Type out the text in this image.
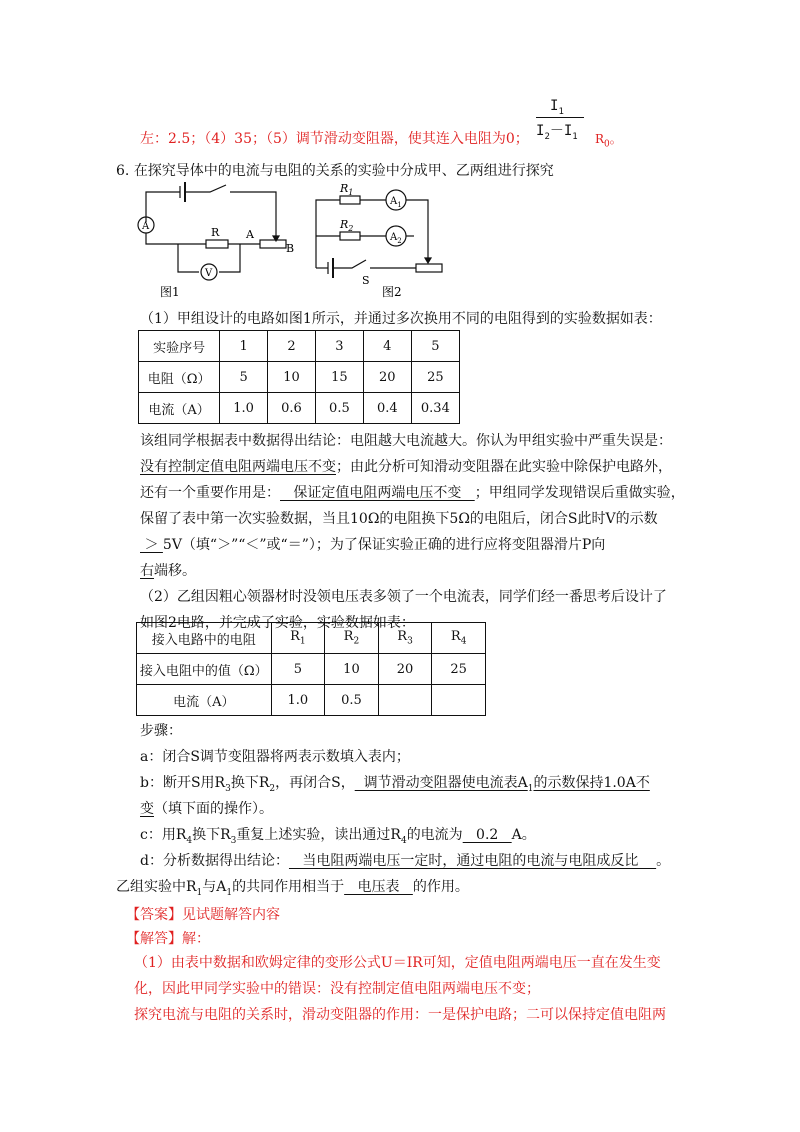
左：2.5；（4）35；（5）调节滑动变阻器，使其连入电阻为0；
$I_1$
$I_2-I_1$ $R_0$。
6. 在探究导体中的电流与电阻的关系的实验中分成甲、乙两组进行探究
A
V
R A
B
图1
$R_1$
$R_2$
$A_1$
$A_2$
S
图2
（1）甲组设计的电路如图1所示，并通过多次换用不同的电阻得到的实验数据如表：
实验序号	1	2	3	4	5
电阻（Ω）	5	10	15	20	25
电流（A）	1.0	0.6	0.5	0.4	0.34
该组同学根据表中数据得出结论：电阻越大电流越大。你认为甲组实验中严重失误是：
没有控制定值电阻两端电压不变；由此分析可知滑动变阻器在此实验中除保护电路外，
还有一个重要作用是：   保证定值电阻两端电压不变   ；甲组同学发现错误后重做实验，
保留了表中第一次实验数据，当且10Ω的电阻换下5Ω的电阻后，闭合S此时V的示数
＞ 5V（填“＞”“＜”或“＝”）；为了保证实验正确的进行应将变阻器滑片P向
右端移。
（2）乙组因粗心领器材时没领电压表多领了一个电流表，同学们经一番思考后设计了
如图2电路，并完成了实验，实验数据如表：
接入电路中的电阻	$R_1$	$R_2$	$R_3$	$R_4$
接入电阻中的值（Ω）	5	10	20	25
电流（A）	1.0	0.5		
步骤：
a：闭合S调节变阻器将两表示数填入表内；
b：断开S用$R_3$换下$R_2$，再闭合S，  调节滑动变阻器使电流表$A_1$的示数保持1.0A不
变（填下面的操作）。
c：用$R_4$换下$R_3$重复上述实验，读出通过$R_4$的电流为   0.2   A。
d：分析数据得出结论：   当电阻两端电压一定时，通过电阻的电流与电阻成反比    。
乙组实验中$R_1$与$A_1$的共同作用相当于   电压表   的作用。
【答案】见试题解答内容
【解答】解：
（1）由表中数据和欧姆定律的变形公式U＝IR可知，定值电阻两端电压一直在发生变
化，因此甲同学实验中的错误：没有控制定值电阻两端电压不变；
探究电流与电阻的关系时，滑动变阻器的作用：一是保护电路；二可以保持定值电阻两
